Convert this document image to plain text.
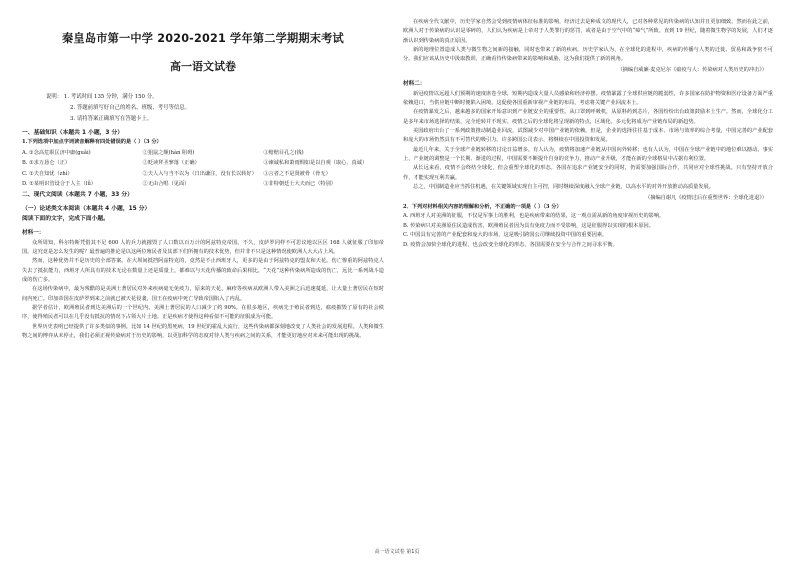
秦皇岛市第一中学 2020-2021 学年第二学期期末考试
高一语文试卷
说明： 1. 考试时间 135 分钟，满分 150 分。
2. 答题前填写好自己的姓名、班级、考号等信息。
3. 请将答案正确填写在答题卡上。
一、基础知识（本题共 1 小题，3 分）
1.下列选项中加点字词读音解释有四处错误的是（ ）（3 分）
A. ①念高危职匡济中庸(guǎi)	②狙鼠之颇(hàn 阻碍)	③赔赔目孔之(钱)
B. ①求万恳仑（正）	②贬读拜圣寥落（正确）	③谏诚私和萧雨惆如是以自观（取心、真诚）
C. ①夫自知忧（zhì）	②夫人入与当不以为（日出谦注，没有长以转好）	③言者之不是贤被骨（骨无）
D. ①某明识管设合于人主（lǚ）	②无由合唱（见面）	③非特朝廷士大夫而已（特别）
二、现代文阅读（本题共 7 小题，33 分）
（一）论述类文本阅读（本题共 4 小题，15 分）
阅读下面的文字，完成下面小题。
材料一：

众所周知，科尔特斯凭借其不足 600 人的兵力就摧毁了人口数以百万计的阿兹特克帝国。不久，皮萨罗同样不可思议地以区区 168 人就征服了印加帝国。这究竟是怎么发生的呢？最普遍的推论是以这两位殖民者及其部下们所拥有的技术优势，但并非不只是这种情况使欧洲人大大占上风。

然而，这种优势并不是历史的全部答案。在大坝间抵挡阿兹特克的，竟然是不止西班牙人，更多的是由于阿兹特克的盟友和天花。伤亡惨重的阿兹特克人失去了抵抗能力，西班牙人所具有的技术无论在数量上还是质量上，都难以与天花传播的致命后果相比，“天花”这种传染病所造成的伤亡，远比一系列战斗造成的伤亡多。

在这场传染病中，最为残酷的是美洲土著居民对外来疾病毫无免疫力，原来的天花、麻疹等疾病从欧洲人带入美洲之后迅速蔓延，让大量土著居民在短时间内死亡。印加帝国在皮萨罗到来之前就已被天花侵袭，国王在疫病中死亡导致帝国陷入了内乱。

据学者估计，欧洲殖民者到达美洲后的一个世纪内，美洲土著居民的人口减少了约 90%。在很多地区，疾病先于殖民者到达，瘟疫摧毁了原有的社会秩序，使得殖民者可以在几乎没有抵抗的情况下占领大片土地。正是疾病才使得这种看似不可能的征服成为可能。

世界历史表明已经提供了许多类似的事例。比如 14 世纪的黑死病，19 世纪的霍乱大流行，这些传染病都深刻地改变了人类社会的发展进程。人类和微生物之间的博弈从未停止，我们必须正视传染病对于历史的影响，以更加科学的态度对待人类与疾病之间的关系，才能更好地应对未来可能出现的挑战。

在疾病全代文献中，历史学家自然会受到疫情病体征标准的影响，经济过去是种成文的现代人，已对各种常见的传染病的认知并且更加细致。然而在此之前，欧洲人对于传染病的认识是零碎的，人们认为疾病是上帝对于人类罪行的惩罚，或者是由于空气中的“瘴气”所致。直到 19 世纪，随着微生物学的发展，人们才逐渐认识到传染病的真正原因。

新的地理位置造成人类与微生物之间新的接触，同时也带来了新的疾病。历史学家认为，在全球化的进程中，疾病的传播与人类的迁徙、贸易和战争密不可分。我们应该从历史中汲取教训，正确看待传染病带来的影响和威胁，这为我们提供了新的视角。

（摘编自威廉·麦克尼尔《瘟疫与人：传染病对人类历史的冲击》）
材料二：

新冠疫情以远超人们预期的速度席卷全球，短期内造成大量人员感染和经济停摆。疫情暴露了全球供应链的脆弱性，许多国家在防护物资和医疗设备方面严重依赖进口，当供应链中断时便陷入困境。这促使各国重新审视产业链的布局，考虑将关键产业回流本土。

在疫情暴发之后，越来越多的国家开始意识到产业链安全的重要性。从口罩到呼吸机，从原料药到芯片，各国纷纷出台政策鼓励本土生产。然而，全球化分工是多年来市场选择的结果，完全逆转并不现实。疫情之后的全球化将呈现新的特点，区域化、多元化将成为产业链布局的新趋势。

美国政府出台了一系列政策推动制造业回流，试图减少对中国产业链的依赖。但是，企业的选择往往基于成本、市场与效率的综合考量，中国完善的产业配套和庞大的市场仍然具有不可替代的吸引力。许多跨国公司表示，将继续在中国投资和发展。

最近几年来，关于全球产业链转移的讨论日益增多。有人认为，疫情将加速产业链从中国向外转移；也有人认为，中国在全球产业链中的地位难以撼动。事实上，产业链的调整是一个长期、渐进的过程，中国需要不断提升自身的竞争力，推动产业升级，才能在新的全球格局中占据有利位置。

从长远来看，疫情不会终结全球化，但会重塑全球化的形态。各国在追求产业链安全的同时，仍需要加强国际合作，共同应对全球性挑战。只有坚持开放合作，才能实现互利共赢。

总之，中国制造业应当抓住机遇，在关键领域实现自主可控，同时继续深度融入全球产业链，以高水平的对外开放推动高质量发展。

（摘编自谢凡《疫情过后在重塑世界：全球化进退》）
2．下列对材料相关内容的理解和分析，不正确的一项是（ ）（3 分）
A. 西班牙人对美洲的征服，不仅是军事上的胜利，也是疾病带来的结果，这一观点需从新的角度审视历史的影响。
B. 传染病只对美洲原住民造成伤害，欧洲殖民者因为具有免疫力而不受影响，这是征服得以实现的根本原因。
C. 中国具有完善的产业配套和庞大的市场，这是吸引跨国公司继续投资中国的重要因素。
D. 疫情会加快全球化的进程，也会改变全球化的形态，各国需要在安全与合作之间寻求平衡。
高一语文试卷 第1页
